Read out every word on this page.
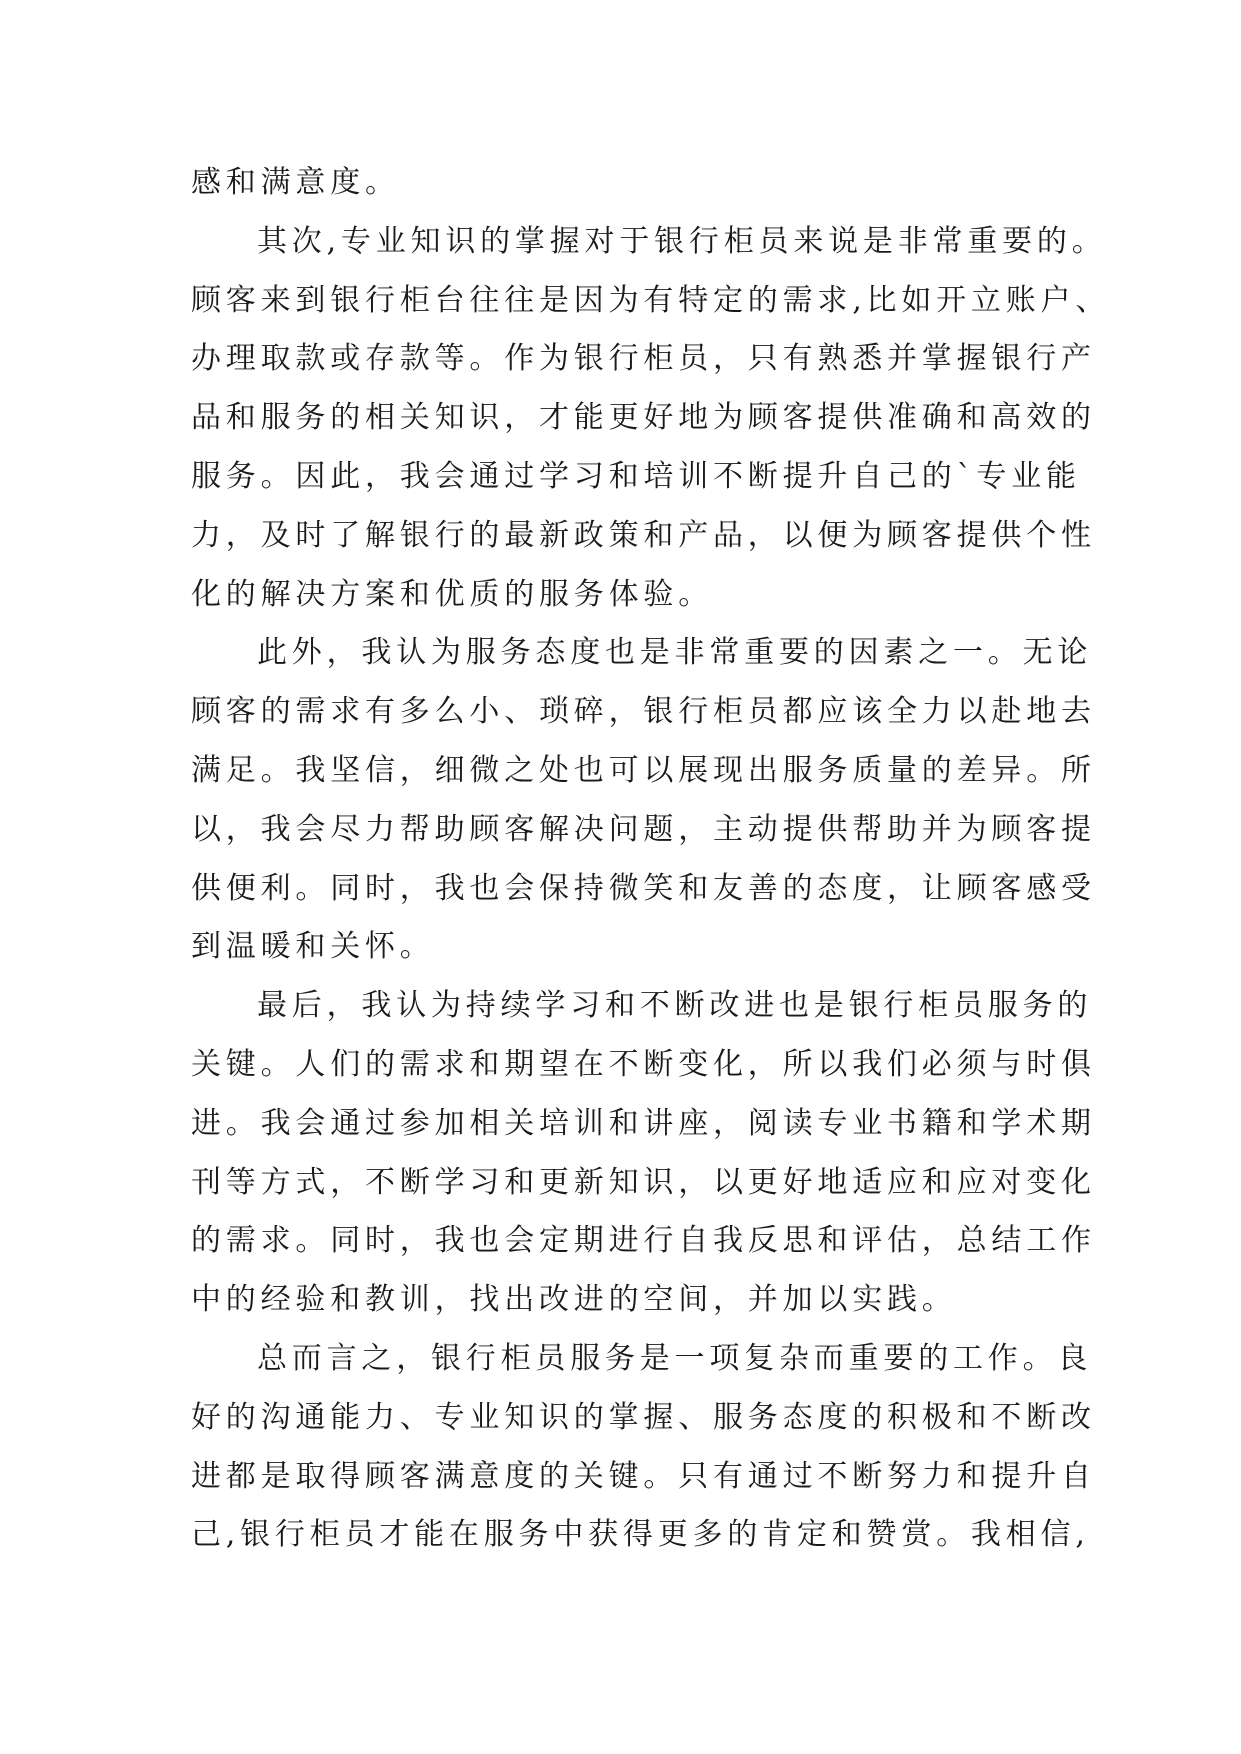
感和满意度。
其次,专业知识的掌握对于银行柜员来说是非常重要的。
顾客来到银行柜台往往是因为有特定的需求,比如开立账户、
办理取款或存款等。作为银行柜员，只有熟悉并掌握银行产
品和服务的相关知识，才能更好地为顾客提供准确和高效的
服务。因此，我会通过学习和培训不断提升自己的`专业能
力，及时了解银行的最新政策和产品，以便为顾客提供个性
化的解决方案和优质的服务体验。
此外，我认为服务态度也是非常重要的因素之一。无论
顾客的需求有多么小、琐碎，银行柜员都应该全力以赴地去
满足。我坚信，细微之处也可以展现出服务质量的差异。所
以，我会尽力帮助顾客解决问题，主动提供帮助并为顾客提
供便利。同时，我也会保持微笑和友善的态度，让顾客感受
到温暖和关怀。
最后，我认为持续学习和不断改进也是银行柜员服务的
关键。人们的需求和期望在不断变化，所以我们必须与时俱
进。我会通过参加相关培训和讲座，阅读专业书籍和学术期
刊等方式，不断学习和更新知识，以更好地适应和应对变化
的需求。同时，我也会定期进行自我反思和评估，总结工作
中的经验和教训，找出改进的空间，并加以实践。
总而言之，银行柜员服务是一项复杂而重要的工作。良
好的沟通能力、专业知识的掌握、服务态度的积极和不断改
进都是取得顾客满意度的关键。只有通过不断努力和提升自
己,银行柜员才能在服务中获得更多的肯定和赞赏。我相信,
